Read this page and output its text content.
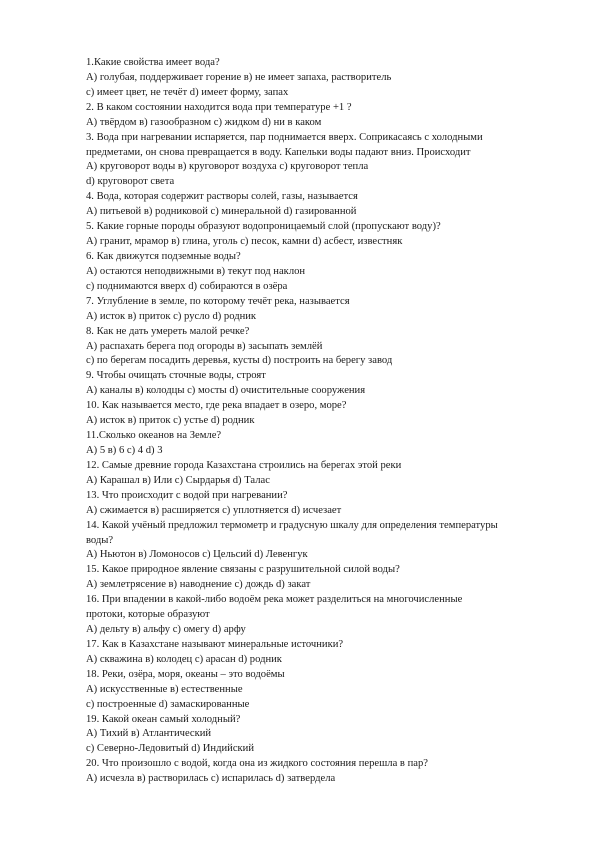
1.Какие свойства имеет вода?
А) голубая, поддерживает горение в) не имеет запаха, растворитель
с) имеет цвет, не течёт d) имеет форму, запах
2. В каком состоянии находится вода при температуре +1 ?
А) твёрдом в) газообразном с) жидком d) ни в каком
3. Вода при нагревании испаряется, пар поднимается вверх. Соприкасаясь с холодными
предметами, он снова превращается в воду. Капельки воды падают вниз. Происходит
А) круговорот воды в) круговорот воздуха с) круговорот тепла
d) круговорот света
4. Вода, которая содержит растворы солей, газы, называется
А) питьевой в) родниковой с) минеральной d) газированной
5. Какие горные породы образуют водопроницаемый слой (пропускают воду)?
А) гранит, мрамор в) глина, уголь с) песок, камни d) асбест, известняк
6. Как движутся подземные воды?
А) остаются неподвижными в) текут под наклон
с) поднимаются вверх d) собираются в озёра
7. Углубление в земле, по которому течёт река, называется
А) исток в) приток с) русло d) родник
8. Как не дать умереть малой речке?
А) распахать берега под огороды в) засыпать землёй
с) по берегам посадить деревья, кусты d) построить на берегу завод
9. Чтобы очищать сточные воды, строят
А) каналы в) колодцы с) мосты d) очистительные сооружения
10. Как называется место, где река впадает в озеро, море?
А) исток в) приток с) устье d) родник
11.Сколько океанов на Земле?
А) 5 в) 6 с) 4 d) 3
12. Самые древние города Казахстана строились на берегах этой реки
А) Карашал в) Или с) Сырдарья d) Талас
13. Что происходит с водой при нагревании?
А) сжимается в) расширяется с) уплотняется d) исчезает
14. Какой учёный предложил термометр и градусную шкалу для определения температуры
воды?
А) Ньютон в) Ломоносов с) Цельсий d) Левенгук
15. Какое природное явление связаны с разрушительной силой воды?
А) землетрясение в) наводнение с) дождь d) закат
16. При впадении в какой-либо водоём река может разделиться на многочисленные
протоки, которые образуют
А) дельту в) альфу с) омегу d) арфу
17. Как в Казахстане называют минеральные источники?
А) скважина в) колодец с) арасан d) родник
18. Реки, озёра, моря, океаны – это водоёмы
А) искусственные в) естественные
с) построенные d) замаскированные
19. Какой океан самый холодный?
А) Тихий в) Атлантический
с) Северно-Ледовитый d) Индийский
20. Что произошло с водой, когда она из жидкого состояния перешла в пар?
А) исчезла в) растворилась с) испарилась d) затвердела
